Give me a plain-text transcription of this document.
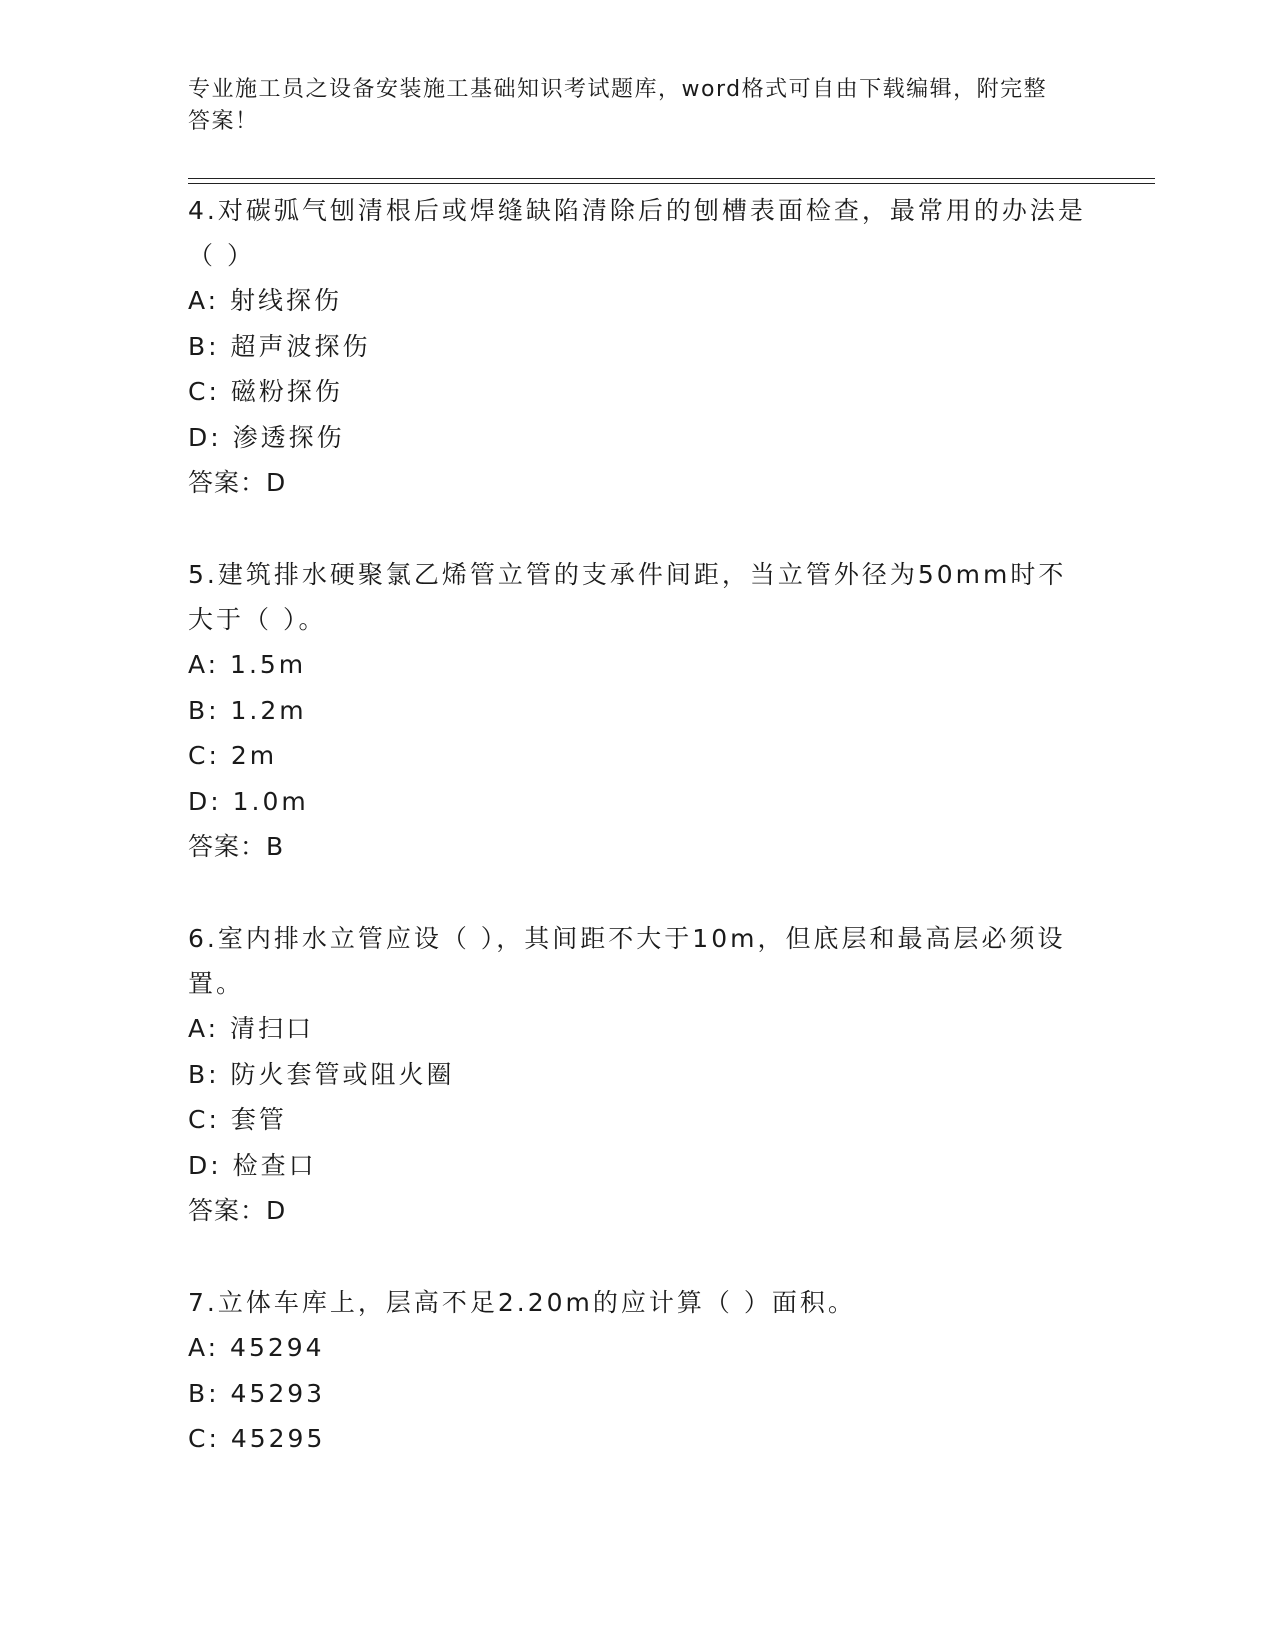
专业施工员之设备安装施工基础知识考试题库，word格式可自由下载编辑，附完整答案！

4.对碳弧气刨清根后或焊缝缺陷清除后的刨槽表面检查，最常用的办法是（ ）

A: 射线探伤

B: 超声波探伤

C: 磁粉探伤

D: 渗透探伤

答案：D

5.建筑排水硬聚氯乙烯管立管的支承件间距，当立管外径为50mm时不大于（ ）。

A: 1.5m

B: 1.2m

C: 2m

D: 1.0m

答案：B

6.室内排水立管应设（ ），其间距不大于10m，但底层和最高层必须设置。

A: 清扫口

B: 防火套管或阻火圈

C: 套管

D: 检查口

答案：D

7.立体车库上，层高不足2.20m的应计算（ ）面积。

A: 45294

B: 45293

C: 45295
